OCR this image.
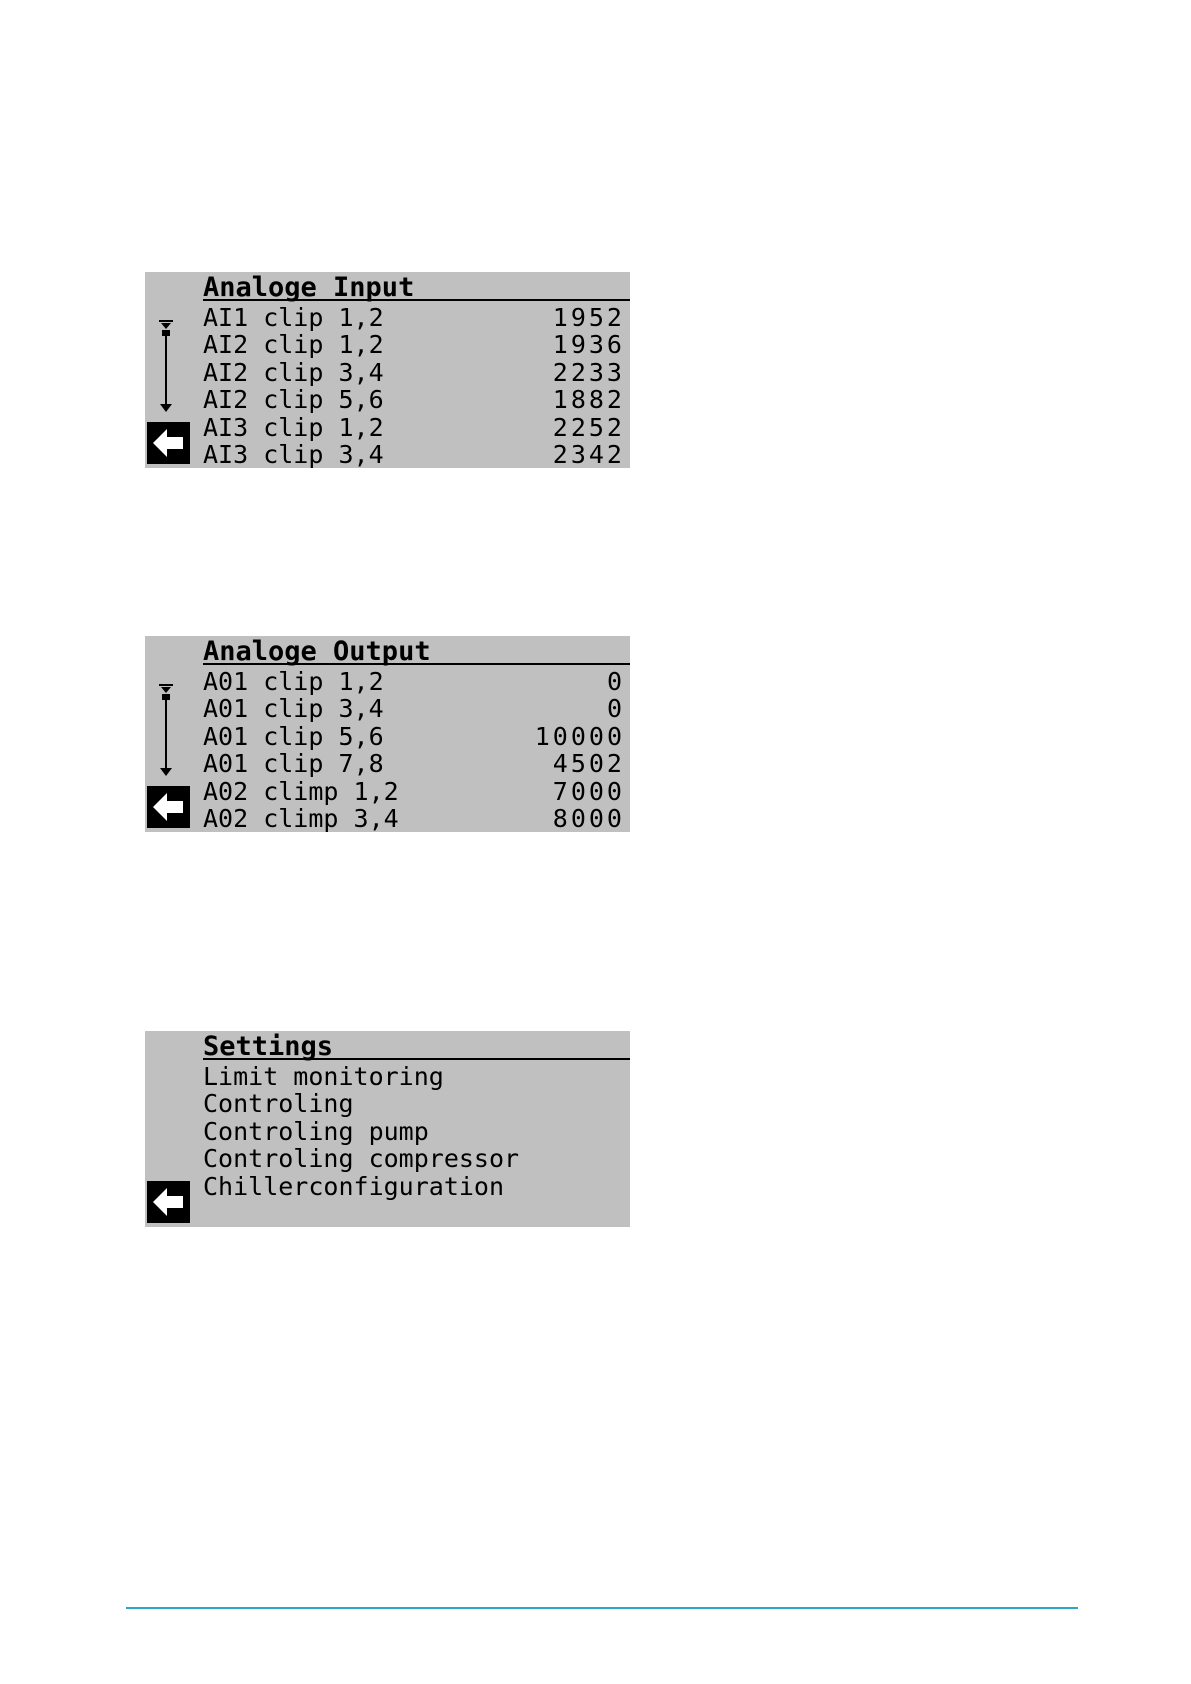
Analoge Input
AI1 clip 1,2	1952
AI2 clip 1,2	1936
AI2 clip 3,4	2233
AI2 clip 5,6	1882
AI3 clip 1,2	2252
AI3 clip 3,4	2342
Analoge Output
A01 clip 1,2	0
A01 clip 3,4	0
A01 clip 5,6	10000
A01 clip 7,8	4502
A02 climp 1,2	7000
A02 climp 3,4	8000
Settings
Limit monitoring
Controling
Controling pump
Controling compressor
Chillerconfiguration
